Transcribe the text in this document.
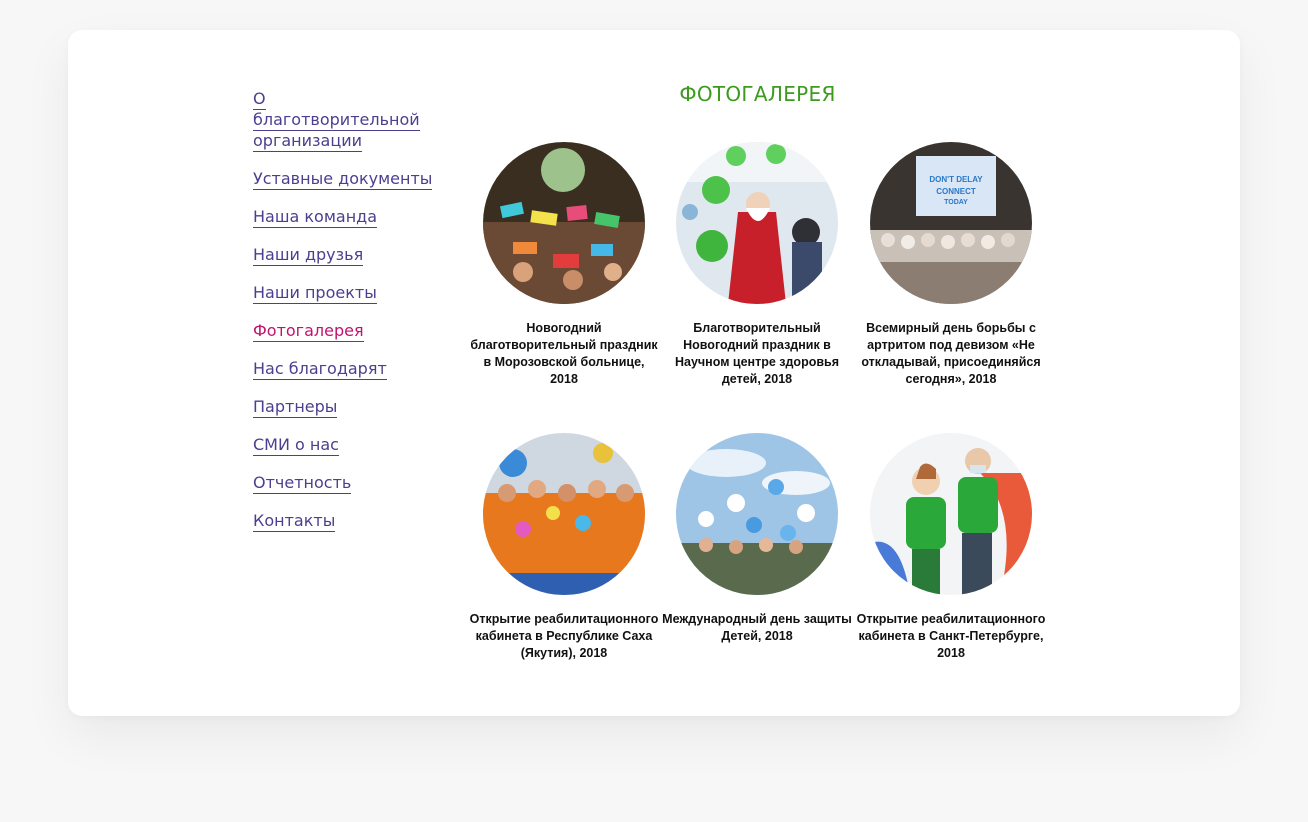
О благотворительной организации
Уставные документы
Наша команда
Наши друзья
Наши проекты
Фотогалерея
Нас благодарят
Партнеры
СМИ о нас
Отчетность
Контакты
ФОТОГАЛЕРЕЯ
Новогодний благотворительный праздник в Морозовской больнице, 2018
Благотворительный Новогодний праздник в Научном центре здоровья детей, 2018
DON'T DELAY
CONNECT
TODAY
Всемирный день борьбы с артритом под девизом «Не откладывай, присоединяйся сегодня», 2018
Открытие реабилитационного кабинета в Республике Саха (Якутия), 2018
Международный день защиты Детей, 2018
Открытие реабилитационного кабинета в Санкт-Петербурге, 2018
